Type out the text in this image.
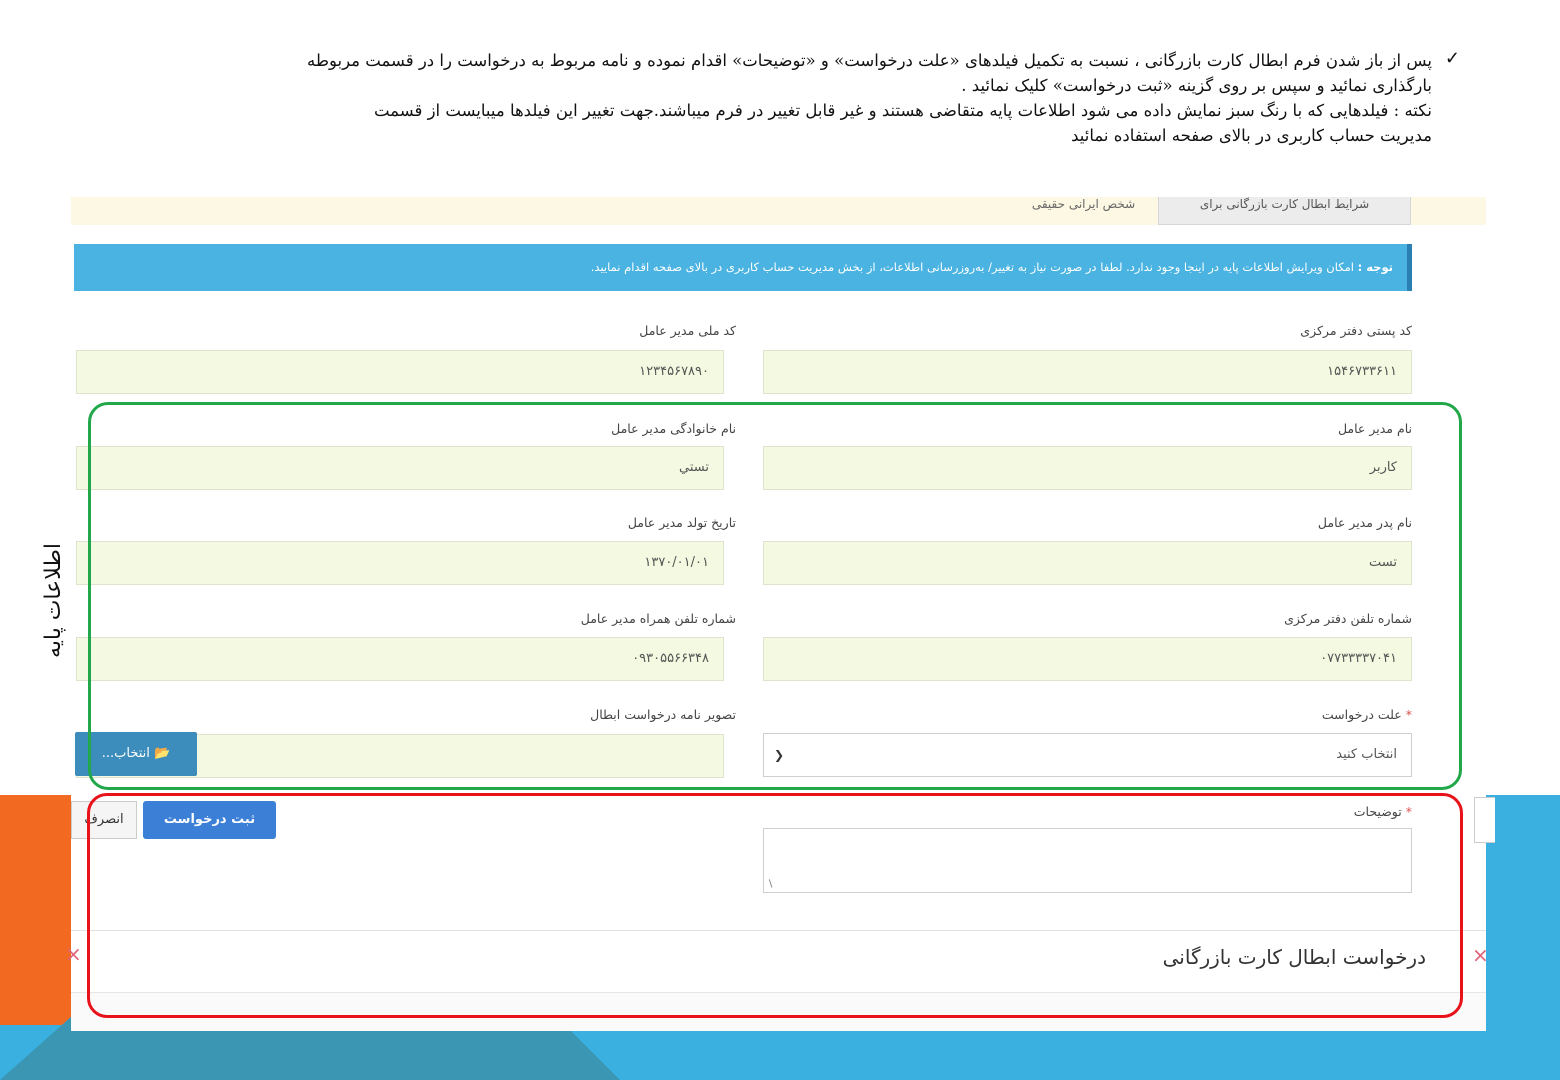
✓

پس از باز شدن فرم ابطال کارت بازرگانی ، نسبت به تکمیل فیلدهای «علت درخواست» و «توضیحات» اقدام نموده و نامه مربوط به درخواست را در قسمت مربوطه

بارگذاری نمائید و سپس بر روی گزینه «ثبت درخواست» کلیک نمائید .

نکته : فیلدهایی که با رنگ سبز نمایش داده می شود اطلاعات پایه متقاضی هستند و غیر قابل تغییر در فرم میباشند.جهت تغییر این فیلدها میبایست از قسمت

مدیریت حساب کاربری در بالای صفحه استفاده نمائید

شرایط ابطال کارت بازرگانی برای
شخص ایرانی حقیقی
توجه : امکان ویرایش اطلاعات پایه در اینجا وجود ندارد. لطفا در صورت نیاز به تغییر/ به‌روزرسانی اطلاعات، از بخش مدیریت حساب کاربری در بالای صفحه اقدام نمایید.
کد پستی دفتر مرکزی
۱۵۴۶۷۳۳۶۱۱
کد ملی مدیر عامل
۱۲۳۴۵۶۷۸۹۰
نام مدیر عامل
کاربر
نام خانوادگی مدیر عامل
تستي
نام پدر مدیر عامل
تست
تاریخ تولد مدیر عامل
۱۳۷۰/۰۱/۰۱
شماره تلفن دفتر مرکزی
۰۷۷۳۳۳۳۷۰۴۱
شماره تلفن همراه مدیر عامل
۰۹۳۰۵۵۶۶۳۴۸
*علت درخواست
انتخاب کنید
❮
تصویر نامه درخواست ابطال
📂 انتخاب...
*توضیحات
∖
ثبت درخواست
انصرف
درخواست ابطال کارت بازرگانی
×	×
اطلاعات پایه
